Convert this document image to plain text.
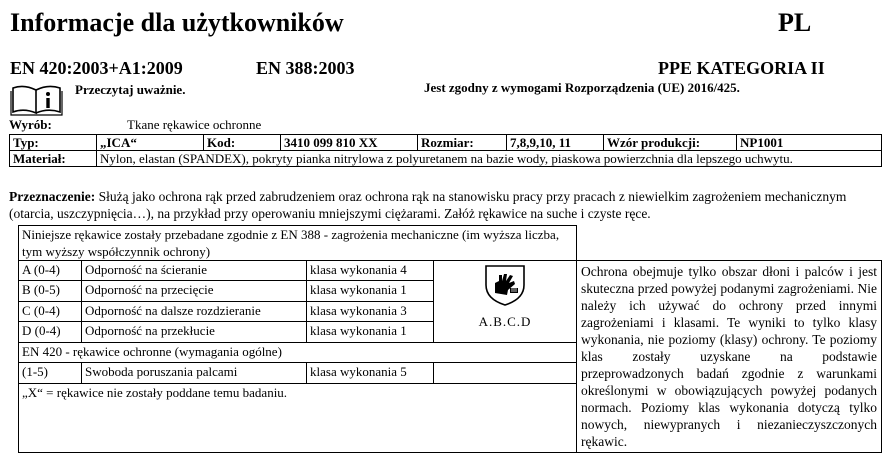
Informacje dla użytkowników	PL
EN 420:2003+A1:2009	EN 388:2003	PPE KATEGORIA II
Przeczytaj uważnie.	Jest zgodny z wymogami Rozporządzenia (UE) 2016/425.
Wyrób:	Tkane rękawice ochronne
Typ:	„ICA“	Kod:	3410 099 810 XX	Rozmiar:	7,8,9,10, 11	Wzór produkcji:	NP1001
Materiał:	Nylon, elastan (SPANDEX), pokryty pianka nitrylowa z polyuretanem na bazie wody, piaskowa powierzchnia dla lepszego uchwytu.						
Przeznaczenie: Służą jako ochrona rąk przed zabrudzeniem oraz ochrona rąk na stanowisku pracy przy pracach z niewielkim zagrożeniem mechanicznym (otarcia, uszczypnięcia…), na przykład przy operowaniu mniejszymi ciężarami. Załóż rękawice na suche i czyste ręce.
Niniejsze rękawice zostały przebadane zgodnie z EN 388 - zagrożenia mechaniczne (im wyższa liczba, tym wyższy współczynnik ochrony)				
A (0-4)	Odporność na ścieranie	klasa wykonania 4	A.B.C.D	Ochrona obejmuje tylko obszar dłoni i palców i jest skuteczna przed powyżej podanymi zagrożeniami. Nie należy ich używać do ochrony przed innymi zagrożeniami i klasami. Te wyniki to tylko klasy wykonania, nie poziomy (klasy) ochrony. Te poziomy klas zostały uzyskane na podstawie przeprowadzonych badań zgodnie z warunkami określonymi w obowiązujących powyżej podanych normach. Poziomy klas wykonania dotyczą tylko nowych, niewypranych i niezanieczyszczonych rękawic.
B (0-5)	Odporność na przecięcie	klasa wykonania 1		
C (0-4)	Odporność na dalsze rozdzieranie	klasa wykonania 3		
D (0-4)	Odporność na przekłucie	klasa wykonania 1		
EN 420 - rękawice ochronne (wymagania ogólne)				
(1-5)	Swoboda poruszania palcami	klasa wykonania 5		
„X“ = rękawice nie zostały poddane temu badaniu.				
